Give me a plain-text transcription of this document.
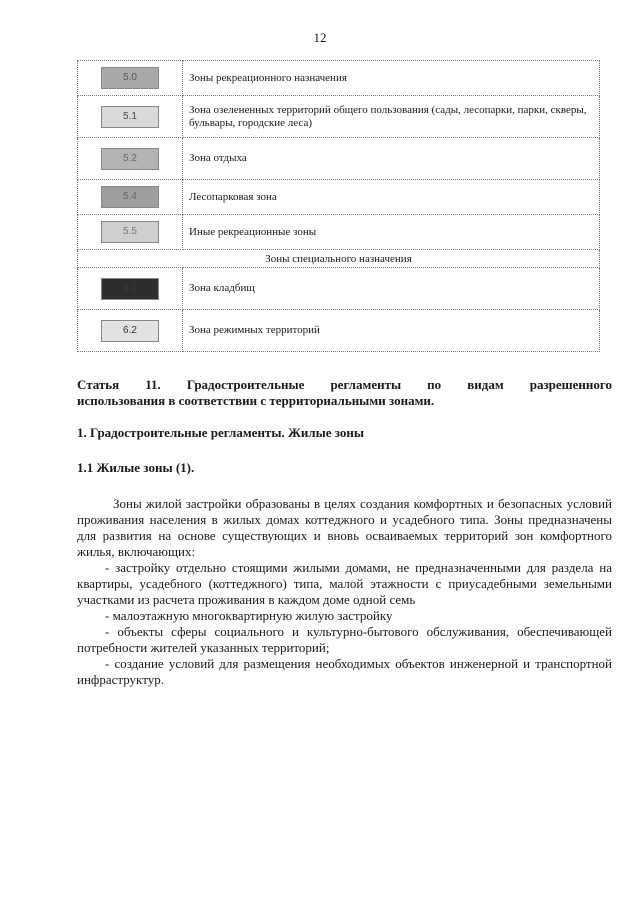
12
5.0	Зоны рекреационного назначения
5.1	Зона озелененных территорий общего пользования (сады, лесопарки, парки, скверы, бульвары, городские леса)
5.2	Зона отдыха
5.4	Лесопарковая зона
5.5	Иные рекреационные зоны
Зоны специального назначения	
6.1	Зона кладбищ
6.2	Зона режимных территорий
Статья 11. Градостроительные регламенты по видам разрешенного
использования в соответствии с территориальными зонами.
1. Градостроительные регламенты. Жилые зоны
1.1 Жилые зоны (1).

Зоны жилой застройки образованы в целях создания комфортных и безопасных условий проживания населения в жилых домах коттеджного и усадебного типа. Зоны предназначены для развития на основе существующих и вновь осваиваемых территорий зон комфортного жилья, включающих:

- застройку отдельно стоящими жилыми домами, не предназначенными для раздела на квартиры, усадебного (коттеджного) типа, малой этажности с приусадебными земельными участками из расчета проживания в каждом доме одной семь

- малоэтажную многоквартирную жилую застройку

- объекты сферы социального и культурно-бытового обслуживания, обеспечивающей потребности жителей указанных территорий;

- создание условий для размещения необходимых объектов инженерной и транспортной инфраструктур.
